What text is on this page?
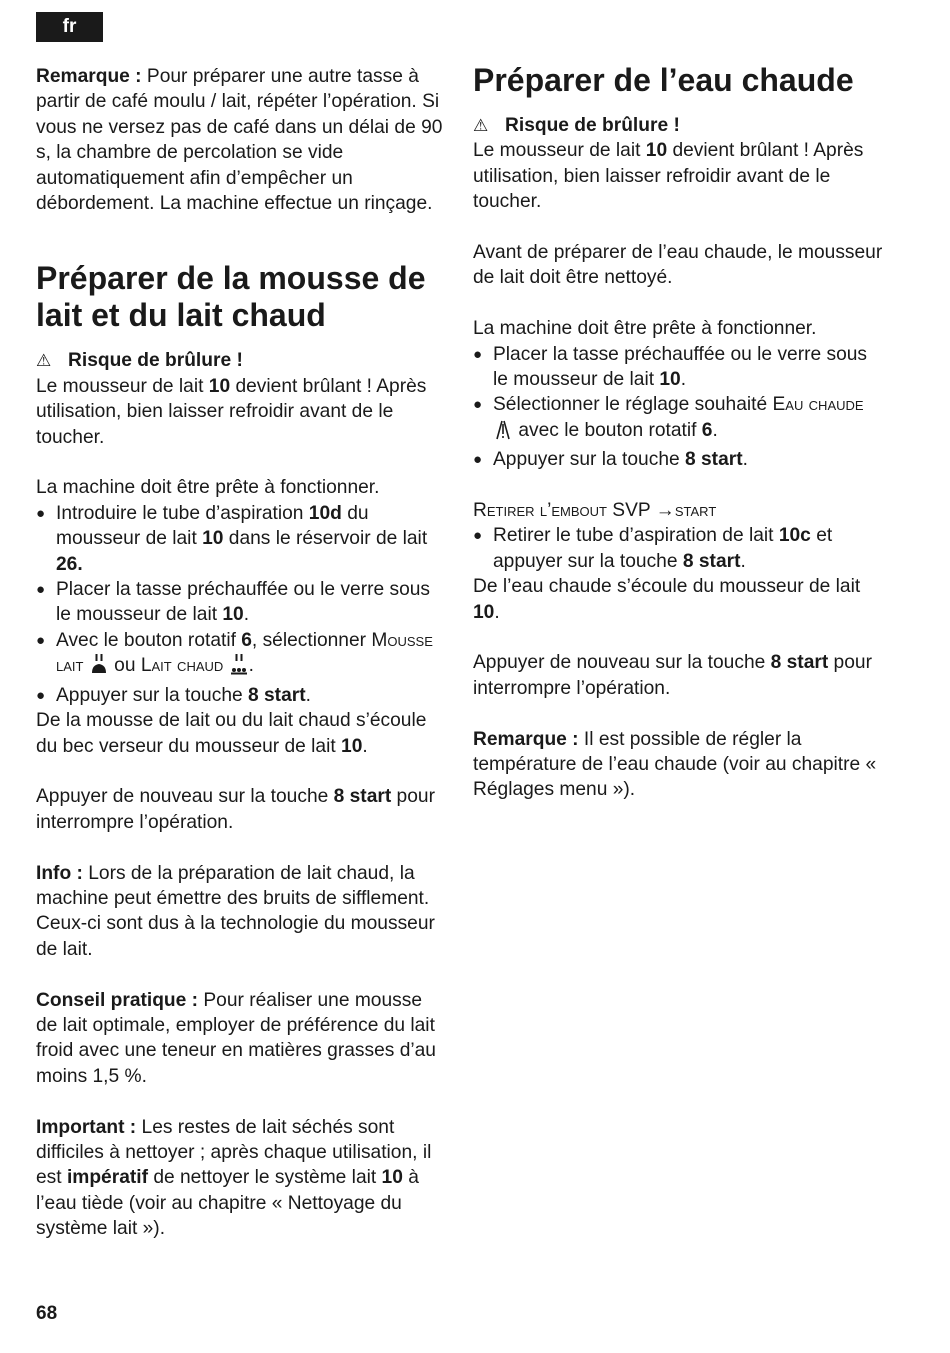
fr

Remarque : Pour préparer une autre tasse à partir de café moulu / lait, répéter l’opération. Si vous ne versez pas de café dans un délai de 90 s, la chambre de percolation se vide automatiquement afin d’empêcher un débordement. La machine effectue un rinçage.

Préparer de la mousse de lait et du lait chaud

⚠ Risque de brûlure !

Le mousseur de lait 10 devient brûlant ! Après utilisation, bien laisser refroidir avant de le toucher.

La machine doit être prête à fonctionner.

● Introduire le tube d’aspiration 10d du mousseur de lait 10 dans le réservoir de lait 26.
● Placer la tasse préchauffée ou le verre sous le mousseur de lait 10.
● Avec le bouton rotatif 6, sélectionner Mousse lait  ou Lait chaud .
● Appuyer sur la touche 8 start.

De la mousse de lait ou du lait chaud s’écoule du bec verseur du mousseur de lait 10.

Appuyer de nouveau sur la touche 8 start pour interrompre l’opération.

Info : Lors de la préparation de lait chaud, la machine peut émettre des bruits de sifflement. Ceux-ci sont dus à la technologie du mousseur de lait.

Conseil pratique : Pour réaliser une mousse de lait optimale, employer de préférence du lait froid avec une teneur en matières grasses d’au moins 1,5 %.

Important : Les restes de lait séchés sont difficiles à nettoyer ; après chaque utilisation, il est impératif de nettoyer le système lait 10 à l’eau tiède (voir au chapitre « Nettoyage du système lait »).

Préparer de l’eau chaude

⚠ Risque de brûlure !

Le mousseur de lait 10 devient brûlant ! Après utilisation, bien laisser refroidir avant de le toucher.

Avant de préparer de l’eau chaude, le mousseur de lait doit être nettoyé.

La machine doit être prête à fonctionner.

● Placer la tasse préchauffée ou le verre sous le mousseur de lait 10.
● Sélectionner le réglage souhaité Eau chaude  avec le bouton rotatif 6.
● Appuyer sur la touche 8 start.

Retirer l’embout SVP →start

● Retirer le tube d’aspiration de lait 10c et appuyer sur la touche 8 start.

De l’eau chaude s’écoule du mousseur de lait 10.

Appuyer de nouveau sur la touche 8 start pour interrompre l’opération.

Remarque : Il est possible de régler la température de l’eau chaude (voir au chapitre « Réglages menu »).

68
